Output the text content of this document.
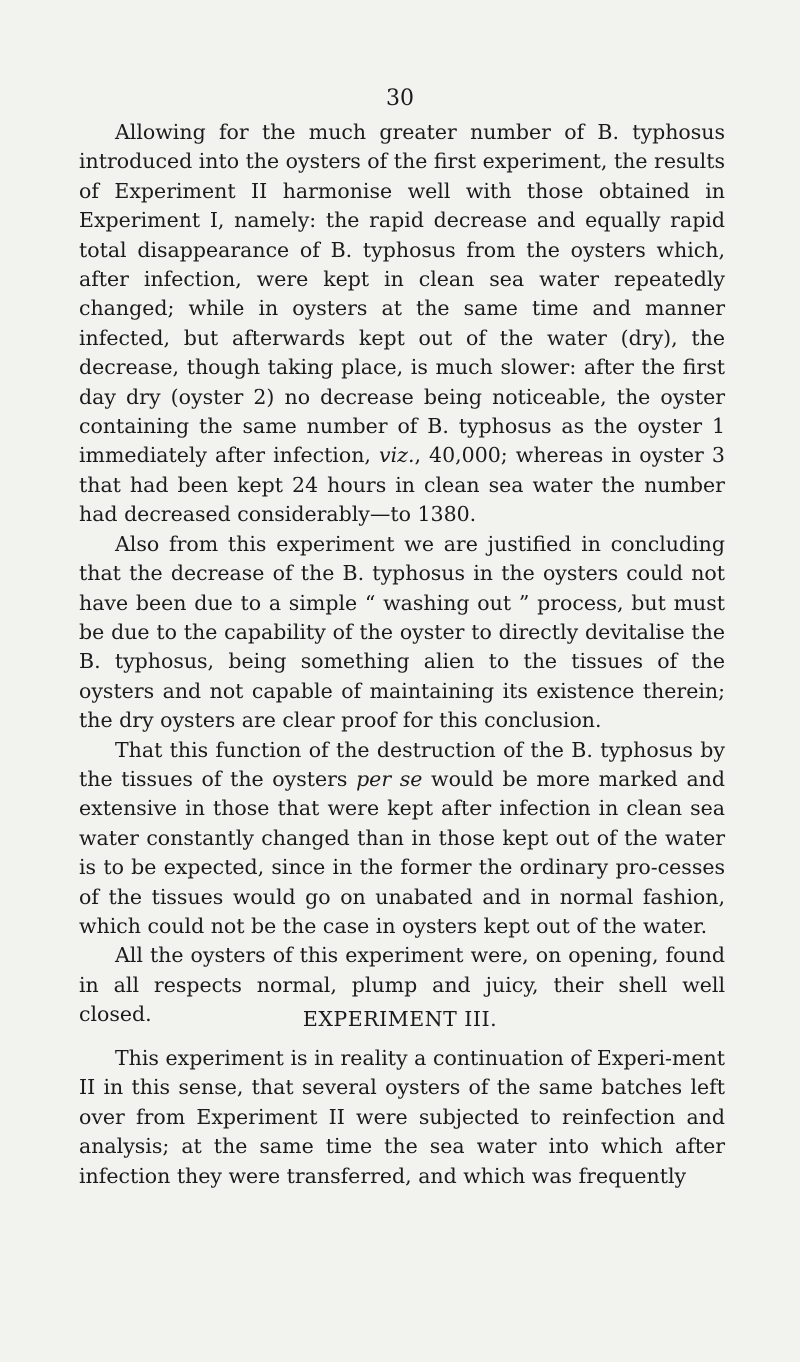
30

Allowing for the much greater number of B. typhosus introduced into the oysters of the first experiment, the results of Experiment II harmonise well with those obtained in Experiment I, namely: the rapid decrease and equally rapid total disappearance of B. typhosus from the oysters which, after infection, were kept in clean sea water repeatedly changed; while in oysters at the same time and manner infected, but afterwards kept out of the water (dry), the decrease, though taking place, is much slower: after the first day dry (oyster 2) no decrease being noticeable, the oyster containing the same number of B. typhosus as the oyster 1 immediately after infection, viz., 40,000; whereas in oyster 3 that had been kept 24 hours in clean sea water the number had decreased considerably—to 1380.

Also from this experiment we are justified in concluding that the decrease of the B. typhosus in the oysters could not have been due to a simple “ washing out ” process, but must be due to the capability of the oyster to directly devitalise the B. typhosus, being something alien to the tissues of the oysters and not capable of maintaining its existence therein; the dry oysters are clear proof for this conclusion.

That this function of the destruction of the B. typhosus by the tissues of the oysters per se would be more marked and extensive in those that were kept after infection in clean sea water constantly changed than in those kept out of the water is to be expected, since in the former the ordinary pro-cesses of the tissues would go on unabated and in normal fashion, which could not be the case in oysters kept out of the water.

All the oysters of this experiment were, on opening, found in all respects normal, plump and juicy, their shell well closed.	EXPERIMENT III.

This experiment is in reality a continuation of Experi-ment II in this sense, that several oysters of the same batches left over from Experiment II were subjected to reinfection and analysis; at the same time the sea water into which after infection they were transferred, and which was frequently
